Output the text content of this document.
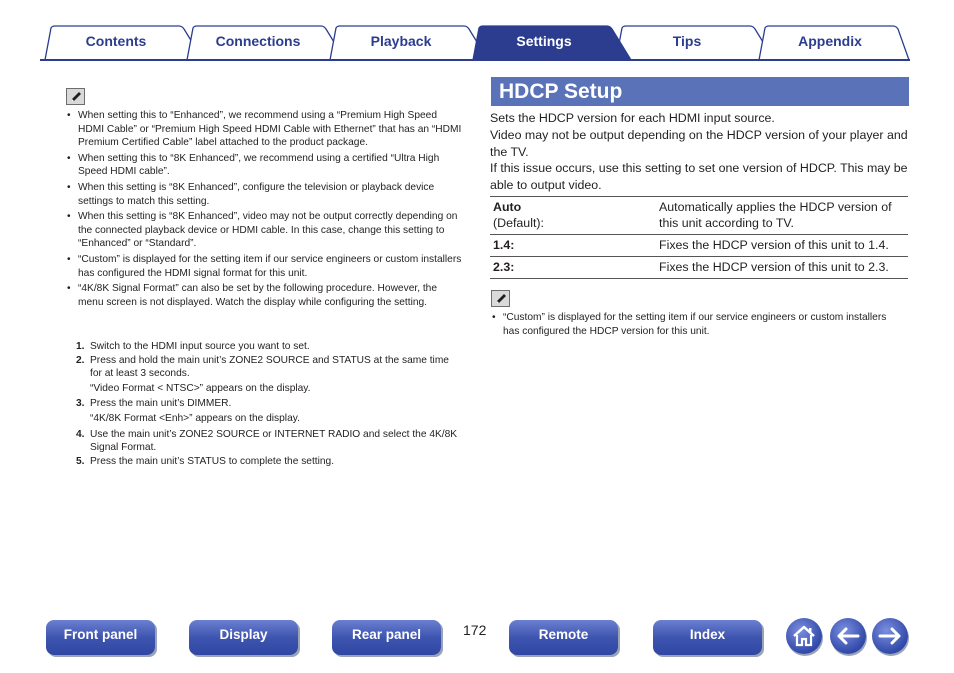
Contents	Connections	Playback	Tips	Appendix
Settings
• When setting this to “Enhanced”, we recommend using a “Premium High Speed HDMI Cable” or “Premium High Speed HDMI Cable with Ethernet” that has an “HDMI Premium Certified Cable” label attached to the product package.
• When setting this to “8K Enhanced”, we recommend using a certified “Ultra High Speed HDMI cable”.
• When this setting is “8K Enhanced”, configure the television or playback device settings to match this setting.
• When this setting is “8K Enhanced”, video may not be output correctly depending on the connected playback device or HDMI cable. In this case, change this setting to “Enhanced” or “Standard”.
• “Custom” is displayed for the setting item if our service engineers or custom installers has configured the HDMI signal format for this unit.
• “4K/8K Signal Format” can also be set by the following procedure. However, the menu screen is not displayed. Watch the display while configuring the setting.
1. Switch to the HDMI input source you want to set.
2. Press and hold the main unit’s ZONE2 SOURCE and STATUS at the same time for at least 3 seconds.
“Video Format < NTSC>” appears on the display.
3. Press the main unit’s DIMMER.
“4K/8K Format <Enh>” appears on the display.
4. Use the main unit’s ZONE2 SOURCE or INTERNET RADIO and select the 4K/8K Signal Format.
5. Press the main unit’s STATUS to complete the setting.
HDCP Setup

Sets the HDCP version for each HDMI input source.

Video may not be output depending on the HDCP version of your player and the TV.

If this issue occurs, use this setting to set one version of HDCP. This may be able to output video.

Auto
(Default):	Automatically applies the HDCP version of this unit according to TV.
1.4:	Fixes the HDCP version of this unit to 1.4.
2.3:	Fixes the HDCP version of this unit to 2.3.
• “Custom” is displayed for the setting item if our service engineers or custom installers has configured the HDCP version for this unit.
Front panel	Display	Rear panel	172	Remote	Index
